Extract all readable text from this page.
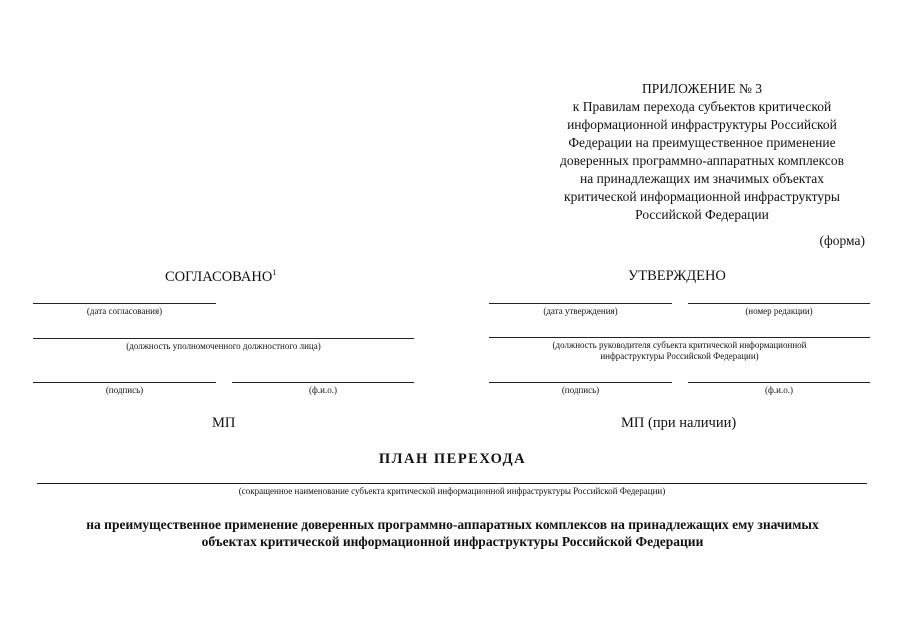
ПРИЛОЖЕНИЕ № 3
к Правилам перехода субъектов критической
информационной инфраструктуры Российской
Федерации на преимущественное применение
доверенных программно-аппаратных комплексов
на принадлежащих им значимых объектах
критической информационной инфраструктуры
Российской Федерации
(форма)
СОГЛАСОВАНО$^1$
(дата согласования)
(должность уполномоченного должностного лица)
(подпись)	(ф.и.о.)
МП
УТВЕРЖДЕНО
(дата утверждения)	(номер редакции)
(должность руководителя субъекта критической информационной
инфраструктуры Российской Федерации)
(подпись)	(ф.и.о.)
МП (при наличии)
ПЛАН ПЕРЕХОДА
(сокращенное наименование субъекта критической информационной инфраструктуры Российской Федерации)
на преимущественное применение доверенных программно-аппаратных комплексов на принадлежащих ему значимых
объектах критической информационной инфраструктуры Российской Федерации
